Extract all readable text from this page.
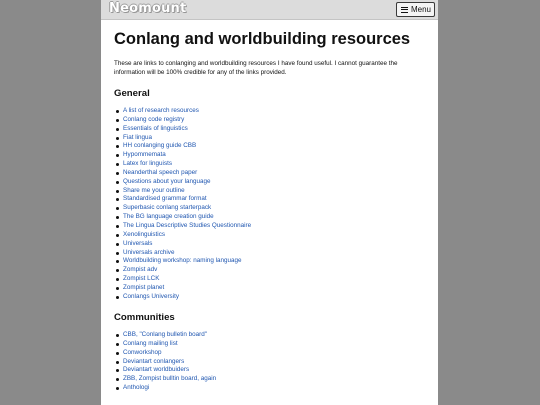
Neomount	Menu
Conlang and worldbuilding resources

These are links to conlanging and worldbuilding resources I have found useful. I cannot guarantee the information will be 100% credible for any of the links provided.

General
A list of research resources
Conlang code registry
Essentials of linguistics
Fiat lingua
HH conlanging guide CBB
Hypommemata
Latex for linguists
Neanderthal speech paper
Questions about your language
Share me your outline
Standardised grammar format
Superbasic conlang starterpack
The BG language creation guide
The Lingua Descriptive Studies Questionnaire
Xenolinguistics
Universals
Universals archive
Worldbuilding workshop: naming language
Zompist adv
Zompist LCK
Zompist planet
Conlangs University
Communities
CBB, "Conlang bulletin board"
Conlang mailing list
Conworkshop
Deviantart conlangers
Deviantart worldbuiders
ZBB, Zompist bulltin board, again
Anthologi
